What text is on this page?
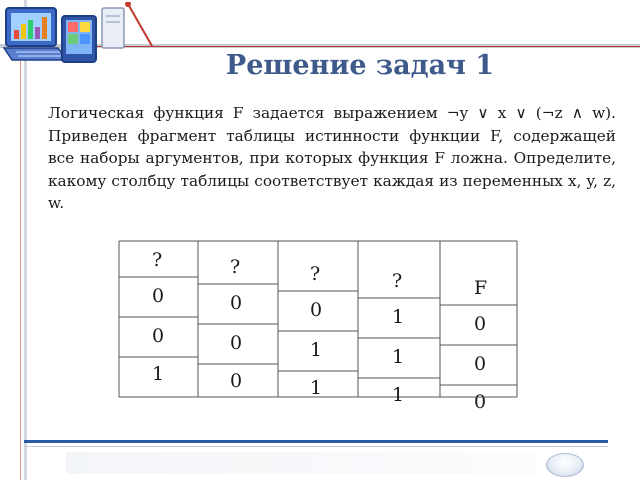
Решение задач 1
Логическая функция F задается выражением ¬y ∨ x ∨ (¬z ∧ w). Приведен фрагмент таблицы истинности функции F, содержащей все наборы аргументов, при которых функция F ложна. Определите, какому столбцу таблицы соответствует каждая из переменных x, y, z, w.
?	?	?	?	F
0	0	0	1	0
0	0	1	1	0
1	0	1	1	0
